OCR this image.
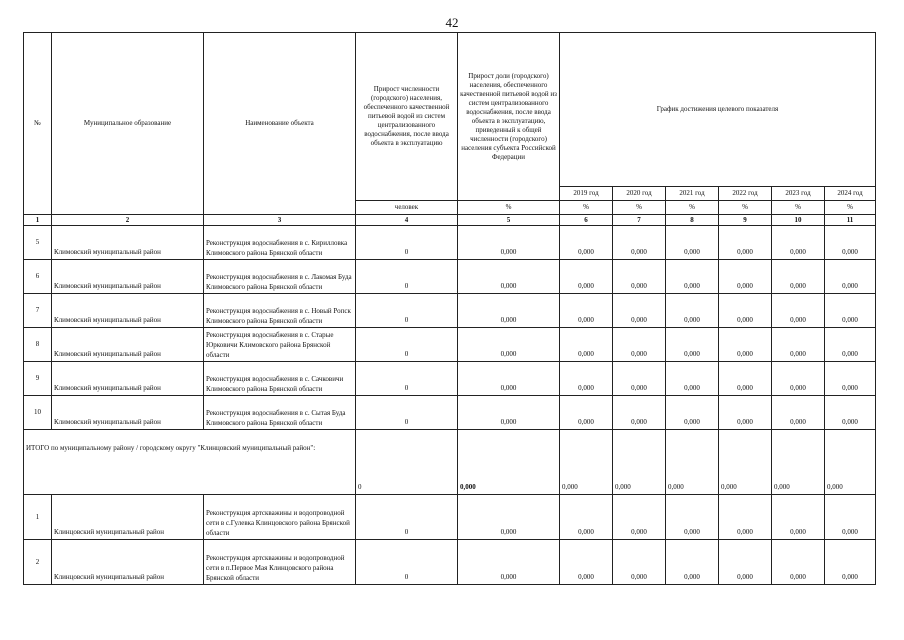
42
№	Муниципальное образование	Наименование объекта	Прирост численности (городского) населения, обеспеченного качественной питьевой водой из систем централизованного водоснабжения, после ввода объекта в эксплуатацию	Прирост доли (городского) населения, обеспеченного качественной питьевой водой из систем централизованного водоснабжения, после ввода объекта в эксплуатацию, приведенный к общей численности (городского) населения субъекта Российской Федерации	График достижения целевого показателя					
					2019 год	2020 год	2021 год	2022 год	2023 год	2024 год
			человек	%	%	%	%	%	%	%
1	2	3	4	5	6	7	8	9	10	11
5	Климовский муниципальный район	Реконструкция водоснабжения в с. Кирилловка Климовского района Брянской области	0	0,000	0,000	0,000	0,000	0,000	0,000	0,000
6	Климовский муниципальный район	Реконструкция водоснабжения в с. Лакомая Буда Климовского района Брянской области	0	0,000	0,000	0,000	0,000	0,000	0,000	0,000
7	Климовский муниципальный район	Реконструкция водоснабжения в с. Новый Ропск Климовского района Брянской области	0	0,000	0,000	0,000	0,000	0,000	0,000	0,000
8	Климовский муниципальный район	Реконструкция водоснабжения в с. Старые Юрковичи Климовского района Брянской области	0	0,000	0,000	0,000	0,000	0,000	0,000	0,000
9	Климовский муниципальный район	Реконструкция водоснабжения в с. Сачковичи Климовского района Брянской области	0	0,000	0,000	0,000	0,000	0,000	0,000	0,000
10	Климовский муниципальный район	Реконструкция водоснабжения в с. Сытая Буда Климовского района Брянской области	0	0,000	0,000	0,000	0,000	0,000	0,000	0,000
ИТОГО по муниципальному району / городскому округу "Клинцовский муниципальный район":			0	0,000	0,000	0,000	0,000	0,000	0,000	0,000
1	Клинцовский муниципальный район	Реконструкция артскважины и водопроводной сети в с.Гулевка Клинцовского района Брянской области	0	0,000	0,000	0,000	0,000	0,000	0,000	0,000
2	Клинцовский муниципальный район	Реконструкция артскважины и водопроводной сети в п.Первое Мая Клинцовского района Брянской области	0	0,000	0,000	0,000	0,000	0,000	0,000	0,000
